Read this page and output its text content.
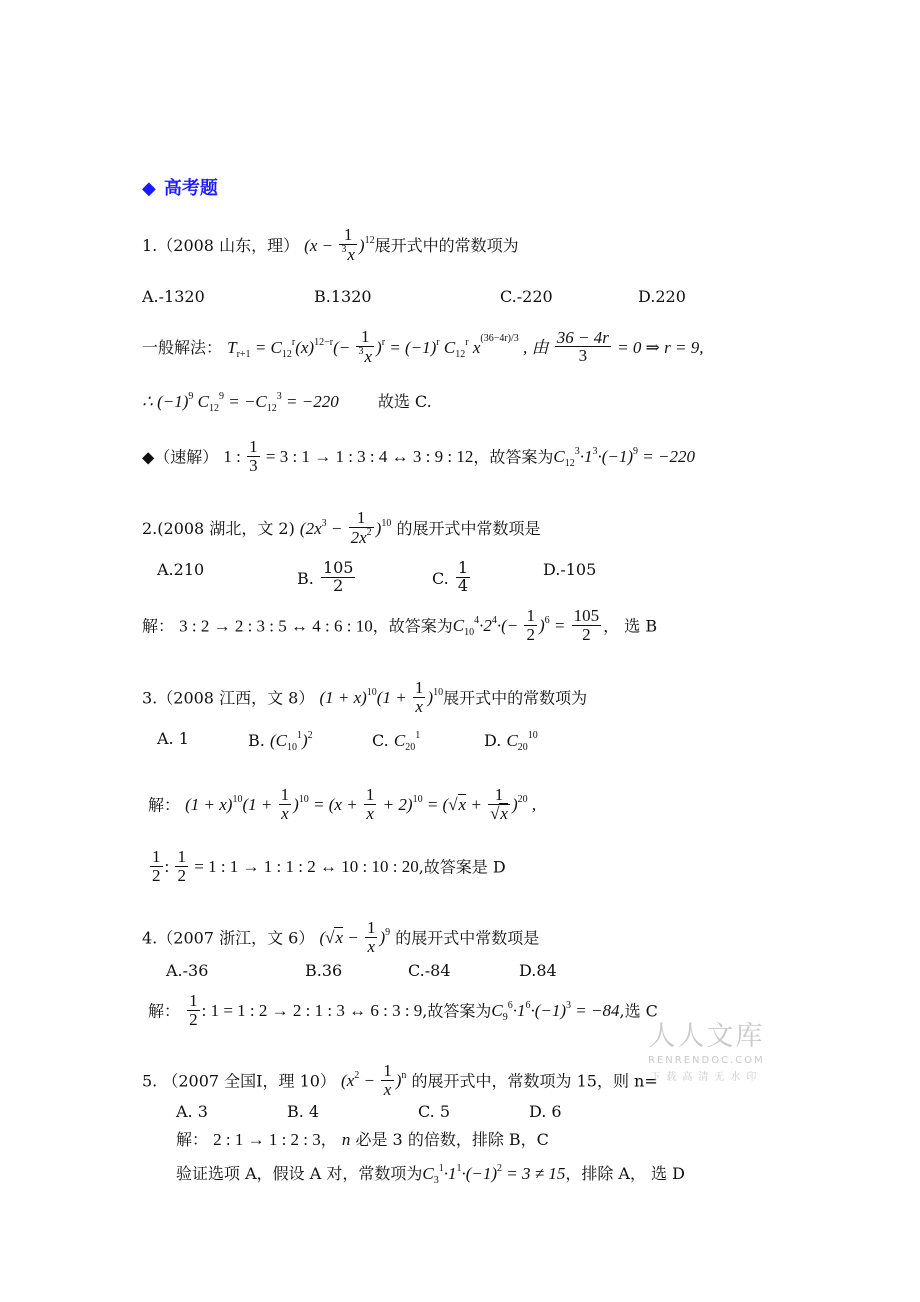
◆ 高考题
1.（2008 山东，理） $(x - \frac{1}{^3x} )^{12}$展开式中的常数项为
A.-1320	B.1320	C.-220	D.220
一般解法： $T_{r+1} = C_{12}^r(x)^{12-r}(- \frac{1}{^3x} )^r = (-1)^r$ $C_{12}^r$ $x^{(36-4r)/3}$ , 由 $\frac{36 - 4r}{3} = 0$ ⇒ r = 9,
∴ $(-1)^9$ $C_{12}^9 = -C_{12}^3 = -220$ 故选 C.
◆（速解） 1 : $\frac{1}{3} = 3$ : 1 → 1 : 3 : 4 ↔ 3 : 9 : 12，故答案为$C_{12}^3\cdot 1^3\cdot(-1)^9 = -220$
2.(2008 湖北，文 2) $(2x^3 - \frac{1}{2x^2} )^{10}$ 的展开式中常数项是
A.210	B. $\frac{105}{2}$	C. $\frac{1}{4}$	D.-105
解： 3 : 2 → 2 : 3 : 5 ↔ 4 : 6 : 10，故答案为$C_{10}^4\cdot 2^4\cdot(- \frac{1}{2} )^6 = \frac{105}{2}$ ， 选 B
3.（2008 江西，文 8） $(1 + x)^{10}(1 + \frac{1}{x} )^{10}$展开式中的常数项为
A. 1	B. $(C_{10}^1)^2$	C. $C_{20}^1$	D. $C_{20}^{10}$
解： $(1 + x)^{10}(1 + \frac{1}{x} )^{10} = (x + \frac{1}{x} + 2)^{10} = (√x + \frac{1}{√x} )^{20}$ ,
$\frac{1}{2}$ : $\frac{1}{2} = 1$ : 1 → 1 : 1 : 2 ↔ 10 : 10 : 20,故答案是 D
4.（2007 浙江，文 6） $(√x - \frac{1}{x} )^9$ 的展开式中常数项是
A.-36	B.36	C.-84	D.84
解： $\frac{1}{2}$ : 1 = 1 : 2 → 2 : 1 : 3 ↔ 6 : 3 : 9,故答案为$C_9^6\cdot 1^6\cdot(-1)^3 = -84$,选 C
5. （2007 全国Ⅰ，理 10） $(x^2 - \frac{1}{x} )^n$ 的展开式中，常数项为 15，则 n=
A. 3	B. 4	C. 5	D. 6
解： 2 : 1 → 1 : 2 : 3， n 必是 3 的倍数，排除 B，C
验证选项 A，假设 A 对，常数项为$C_3^1\cdot 1^1\cdot(-1)^2 = 3 \ne 15$，排除 A， 选 D
人人文库
RENRENDOC.COM
下载高清无水印
